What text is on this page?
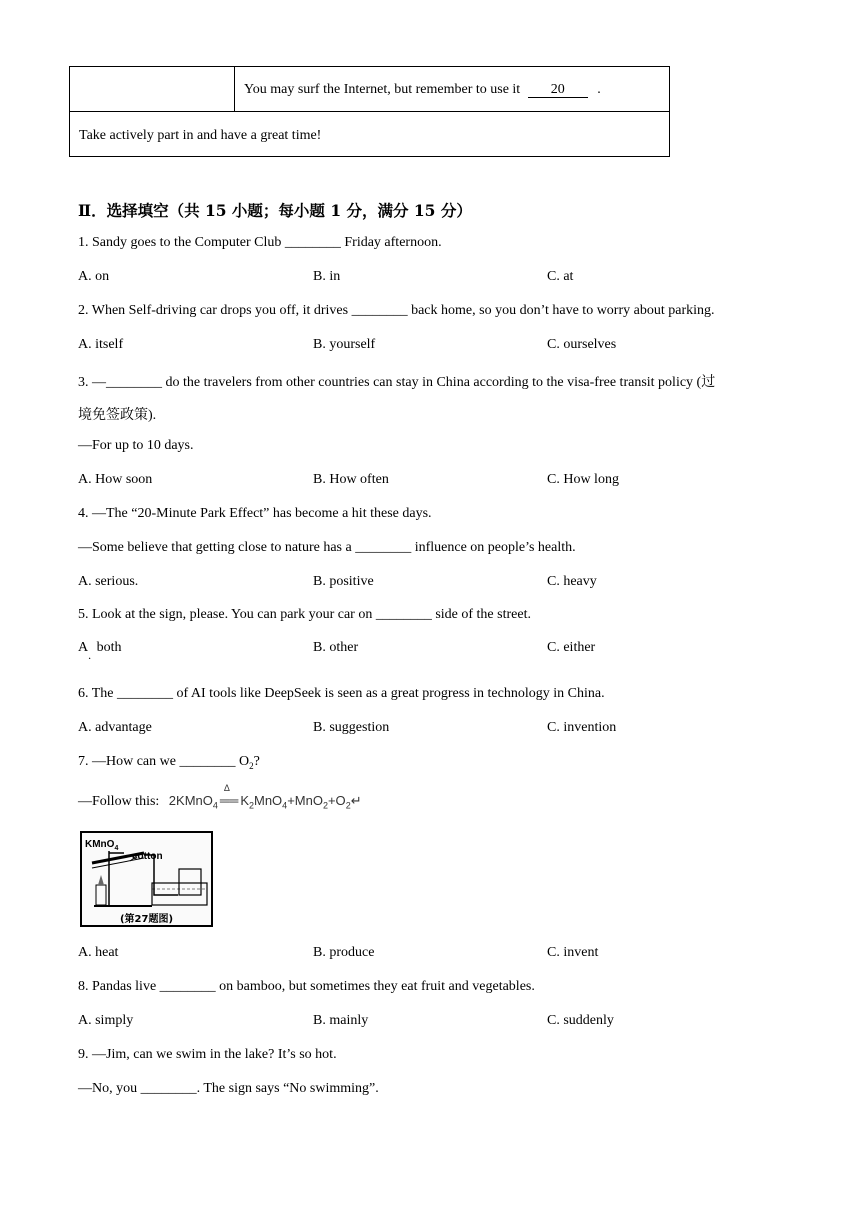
You may surf the Internet, but remember to use it 20 .
Take actively part in and have a great time!
Ⅱ．选择填空（共 15 小题；每小题 1 分，满分 15 分）
1. Sandy goes to the Computer Club ________ Friday afternoon.
A. on	B. in	C. at
2. When Self-driving car drops you off, it drives ________ back home, so you don’t have to worry about parking.
A. itself	B. yourself	C. ourselves
3. —________ do the travelers from other countries can stay in China according to the visa-free transit policy (过
境免签政策).
—For up to 10 days.
A. How soon	B. How often	C. How long
4. —The “20-Minute Park Effect” has become a hit these days.
—Some believe that getting close to nature has a ________ influence on people’s health.
A. serious.	B. positive	C. heavy
5. Look at the sign, please. You can park your car on ________ side of the street.
A. both	B. other	C. either
6. The ________ of AI tools like DeepSeek is seen as a great progress in technology in China.
A. advantage	B. suggestion	C. invention
7. —How can we ________ $O_2$?
—Follow this: 2KMnO$_4$
Δ
══ $K_2MnO_4+MnO_2+O_2↵$
KMnO$_4$
cotton
(第27题图)
A. heat	B. produce	C. invent
8. Pandas live ________ on bamboo, but sometimes they eat fruit and vegetables.
A. simply	B. mainly	C. suddenly
9. —Jim, can we swim in the lake? It’s so hot.
—No, you ________. The sign says “No swimming”.
